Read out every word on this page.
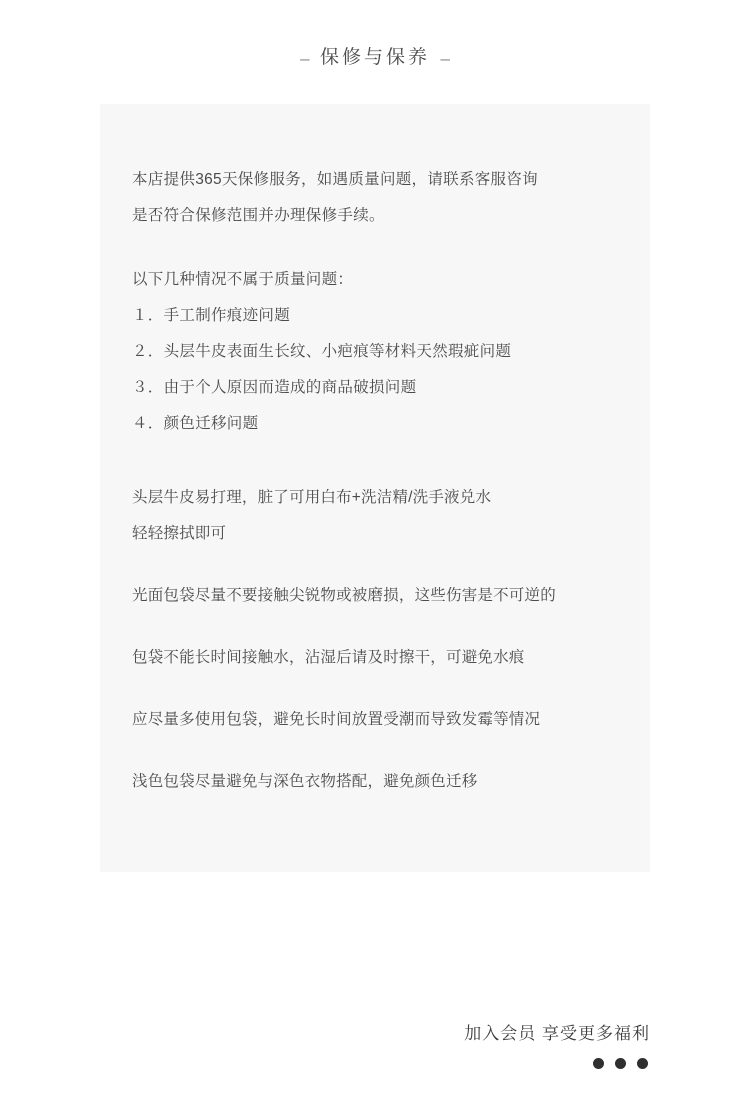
– 保修与保养 –
本店提供365天保修服务，如遇质量问题，请联系客服咨询
是否符合保修范围并办理保修手续。
以下几种情况不属于质量问题：
１．手工制作痕迹问题
２．头层牛皮表面生长纹、小疤痕等材料天然瑕疵问题
３．由于个人原因而造成的商品破损问题
４．颜色迁移问题
头层牛皮易打理，脏了可用白布+洗洁精/洗手液兑水
轻轻擦拭即可
光面包袋尽量不要接触尖锐物或被磨损，这些伤害是不可逆的
包袋不能长时间接触水，沾湿后请及时擦干，可避免水痕
应尽量多使用包袋，避免长时间放置受潮而导致发霉等情况
浅色包袋尽量避免与深色衣物搭配，避免颜色迁移
加入会员 享受更多福利
